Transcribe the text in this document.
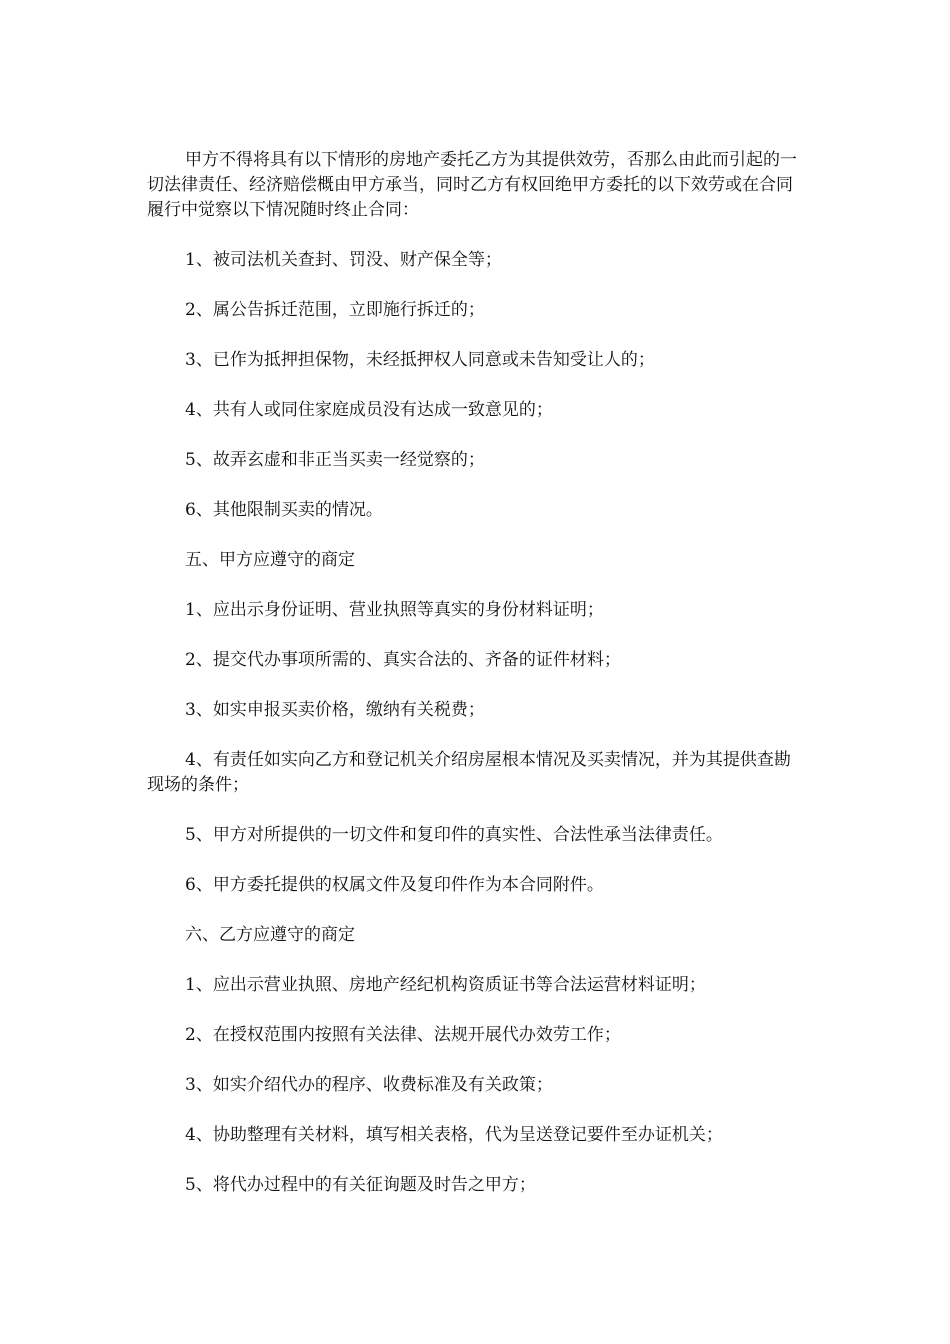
甲方不得将具有以下情形的房地产委托乙方为其提供效劳，否那么由此而引起的一切法律责任、经济赔偿概由甲方承当，同时乙方有权回绝甲方委托的以下效劳或在合同履行中觉察以下情况随时终止合同：

1、被司法机关查封、罚没、财产保全等；

2、属公告拆迁范围，立即施行拆迁的；

3、已作为抵押担保物，未经抵押权人同意或未告知受让人的；

4、共有人或同住家庭成员没有达成一致意见的；

5、故弄玄虚和非正当买卖一经觉察的；

6、其他限制买卖的情况。

五、甲方应遵守的商定

1、应出示身份证明、营业执照等真实的身份材料证明；

2、提交代办事项所需的、真实合法的、齐备的证件材料；

3、如实申报买卖价格，缴纳有关税费；

4、有责任如实向乙方和登记机关介绍房屋根本情况及买卖情况，并为其提供查勘现场的条件；

5、甲方对所提供的一切文件和复印件的真实性、合法性承当法律责任。

6、甲方委托提供的权属文件及复印件作为本合同附件。

六、乙方应遵守的商定

1、应出示营业执照、房地产经纪机构资质证书等合法运营材料证明；

2、在授权范围内按照有关法律、法规开展代办效劳工作；

3、如实介绍代办的程序、收费标准及有关政策；

4、协助整理有关材料，填写相关表格，代为呈送登记要件至办证机关；

5、将代办过程中的有关征询题及时告之甲方；
